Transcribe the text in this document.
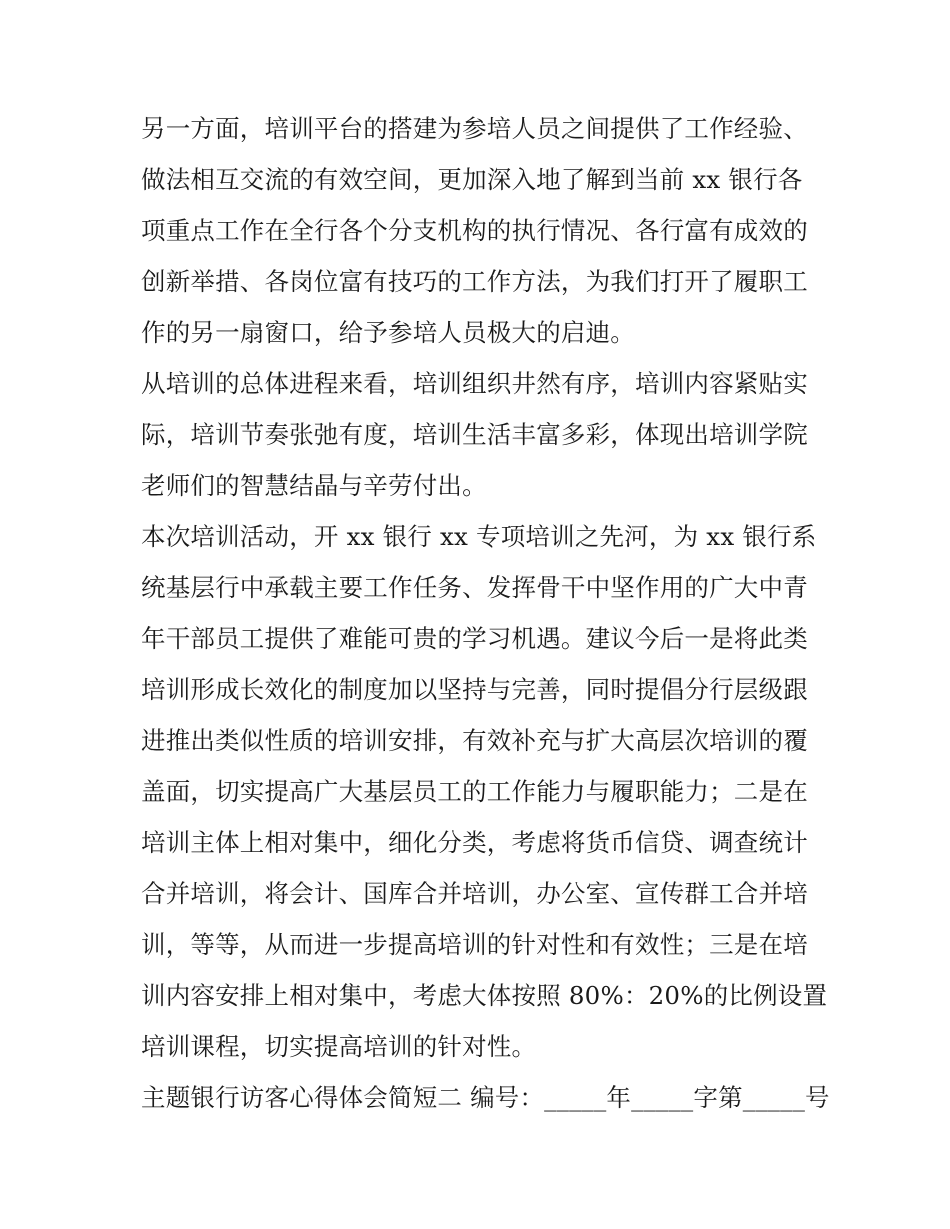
另一方面，培训平台的搭建为参培人员之间提供了工作经验、
做法相互交流的有效空间，更加深入地了解到当前 xx 银行各
项重点工作在全行各个分支机构的执行情况、各行富有成效的
创新举措、各岗位富有技巧的工作方法，为我们打开了履职工
作的另一扇窗口，给予参培人员极大的启迪。
从培训的总体进程来看，培训组织井然有序，培训内容紧贴实
际，培训节奏张弛有度，培训生活丰富多彩，体现出培训学院
老师们的智慧结晶与辛劳付出。
本次培训活动，开 xx 银行 xx 专项培训之先河，为 xx 银行系
统基层行中承载主要工作任务、发挥骨干中坚作用的广大中青
年干部员工提供了难能可贵的学习机遇。建议今后一是将此类
培训形成长效化的制度加以坚持与完善，同时提倡分行层级跟
进推出类似性质的培训安排，有效补充与扩大高层次培训的覆
盖面，切实提高广大基层员工的工作能力与履职能力；二是在
培训主体上相对集中，细化分类，考虑将货币信贷、调查统计
合并培训，将会计、国库合并培训，办公室、宣传群工合并培
训，等等，从而进一步提高培训的针对性和有效性；三是在培
训内容安排上相对集中，考虑大体按照 80%：20%的比例设置
培训课程，切实提高培训的针对性。
主题银行访客心得体会简短二 编号：_____年_____字第_____号
